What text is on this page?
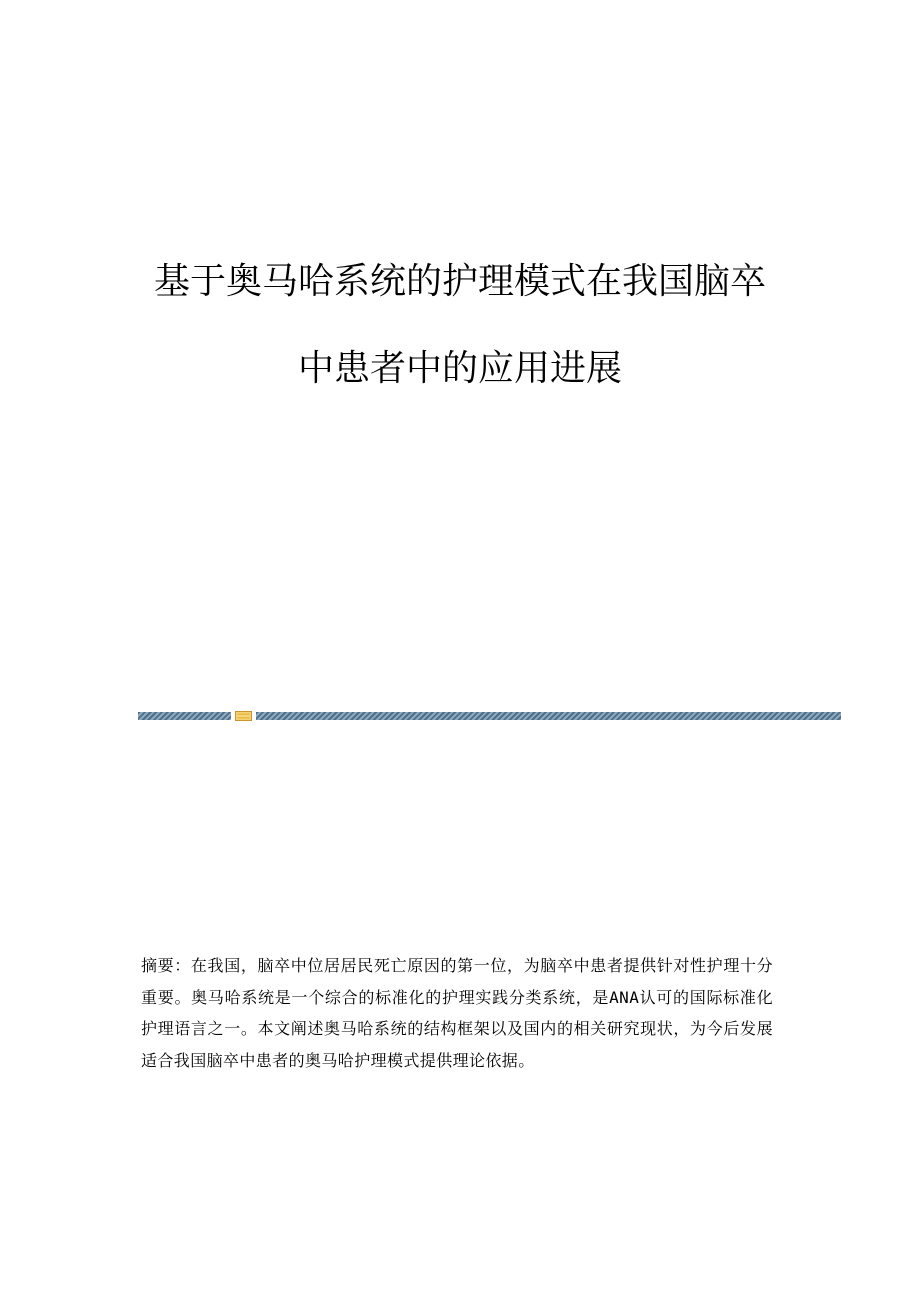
基于奥马哈系统的护理模式在我国脑卒
中患者中的应用进展

摘要：在我国，脑卒中位居居民死亡原因的第一位，为脑卒中患者提供针对性护理十分重要。奥马哈系统是一个综合的标准化的护理实践分类系统，是ANA认可的国际标准化护理语言之一。本文阐述奥马哈系统的结构框架以及国内的相关研究现状，为今后发展适合我国脑卒中患者的奥马哈护理模式提供理论依据。
